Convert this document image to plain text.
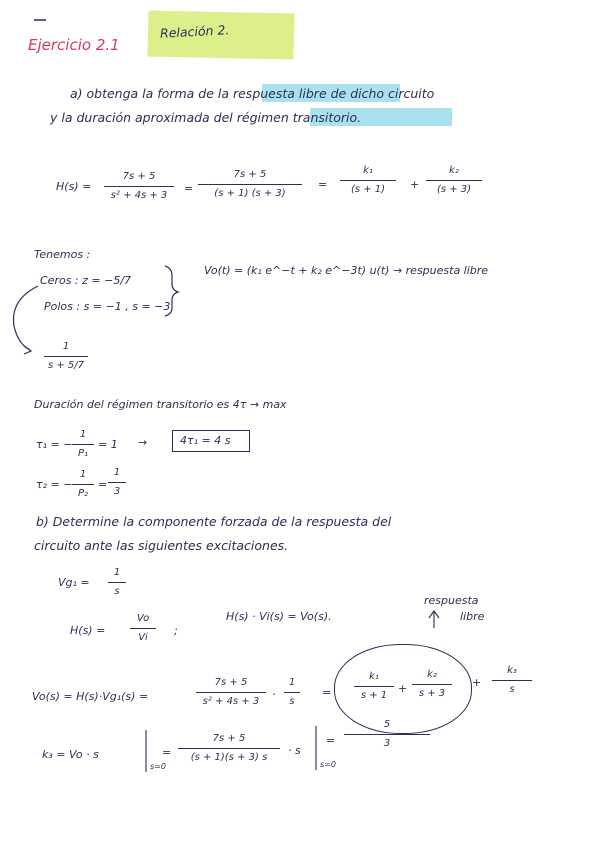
Relación 2.
Ejercicio 2.1
a) obtenga la forma de la respuesta libre de dicho circuito
y la duración aproximada del régimen transitorio.
H(s) =
7s + 5
s² + 4s + 3
=
7s + 5
(s + 1) (s + 3)
=
k₁
(s + 1)	+
k₂
(s + 3)
Tenemos :
Ceros : z = −5/7
Polos : s = −1 , s = −3
Vo(t) = (k₁ e^−t + k₂ e^−3t) u(t) → respuesta libre
1
s + 5/7
Duración del régimen transitorio es 4τ → max
τ₁ = −
1
P₁
= 1 →	4τ₁ = 4 s
τ₂ = −
1
P₂
=
1
3
b) Determine la componente forzada de la respuesta del
circuito ante las siguientes excitaciones.
Vg₁ =
1
s
H(s) =
Vo
Vi
;
H(s) · Vi(s) = Vo(s).
respuesta
libre
Vo(s) = H(s)·Vg₁(s) =
7s + 5
s² + 4s + 3
·
1
s
=
k₁
s + 1
+
k₂
s + 3
+
k₃
s
k₃ = Vo · s
s=0
=
7s + 5
(s + 1)(s + 3) s
· s
s=0
=
5
3
